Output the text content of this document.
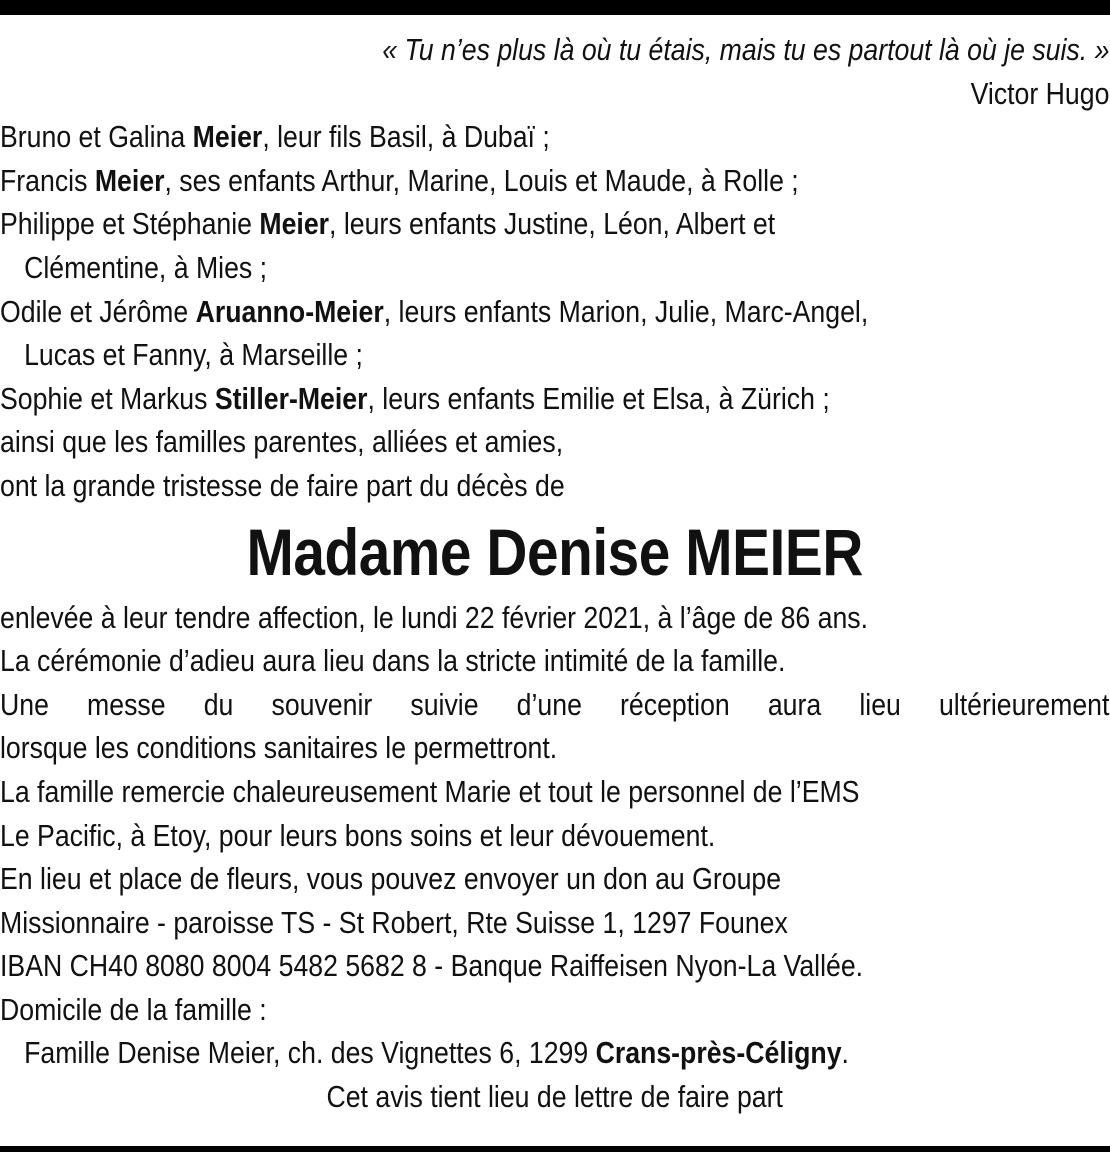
« Tu n’es plus là où tu étais, mais tu es partout là où je suis. »
Victor Hugo
Bruno et Galina Meier, leur fils Basil, à Dubaï ;
Francis Meier, ses enfants Arthur, Marine, Louis et Maude, à Rolle ;
Philippe et Stéphanie Meier, leurs enfants Justine, Léon, Albert et
Clémentine, à Mies ;
Odile et Jérôme Aruanno-Meier, leurs enfants Marion, Julie, Marc-Angel,
Lucas et Fanny, à Marseille ;
Sophie et Markus Stiller-Meier, leurs enfants Emilie et Elsa, à Zürich ;
ainsi que les familles parentes, alliées et amies,
ont la grande tristesse de faire part du décès de
Madame Denise MEIER
enlevée à leur tendre affection, le lundi 22 février 2021, à l’âge de 86 ans.
La cérémonie d’adieu aura lieu dans la stricte intimité de la famille.
Une messe du souvenir suivie d’une réception aura lieu ultérieurement
lorsque les conditions sanitaires le permettront.
La famille remercie chaleureusement Marie et tout le personnel de l’EMS
Le Pacific, à Etoy, pour leurs bons soins et leur dévouement.
En lieu et place de fleurs, vous pouvez envoyer un don au Groupe
Missionnaire - paroisse TS - St Robert, Rte Suisse 1, 1297 Founex
IBAN CH40 8080 8004 5482 5682 8 - Banque Raiffeisen Nyon-La Vallée.
Domicile de la famille :
Famille Denise Meier, ch. des Vignettes 6, 1299 Crans-près-Céligny.
Cet avis tient lieu de lettre de faire part
